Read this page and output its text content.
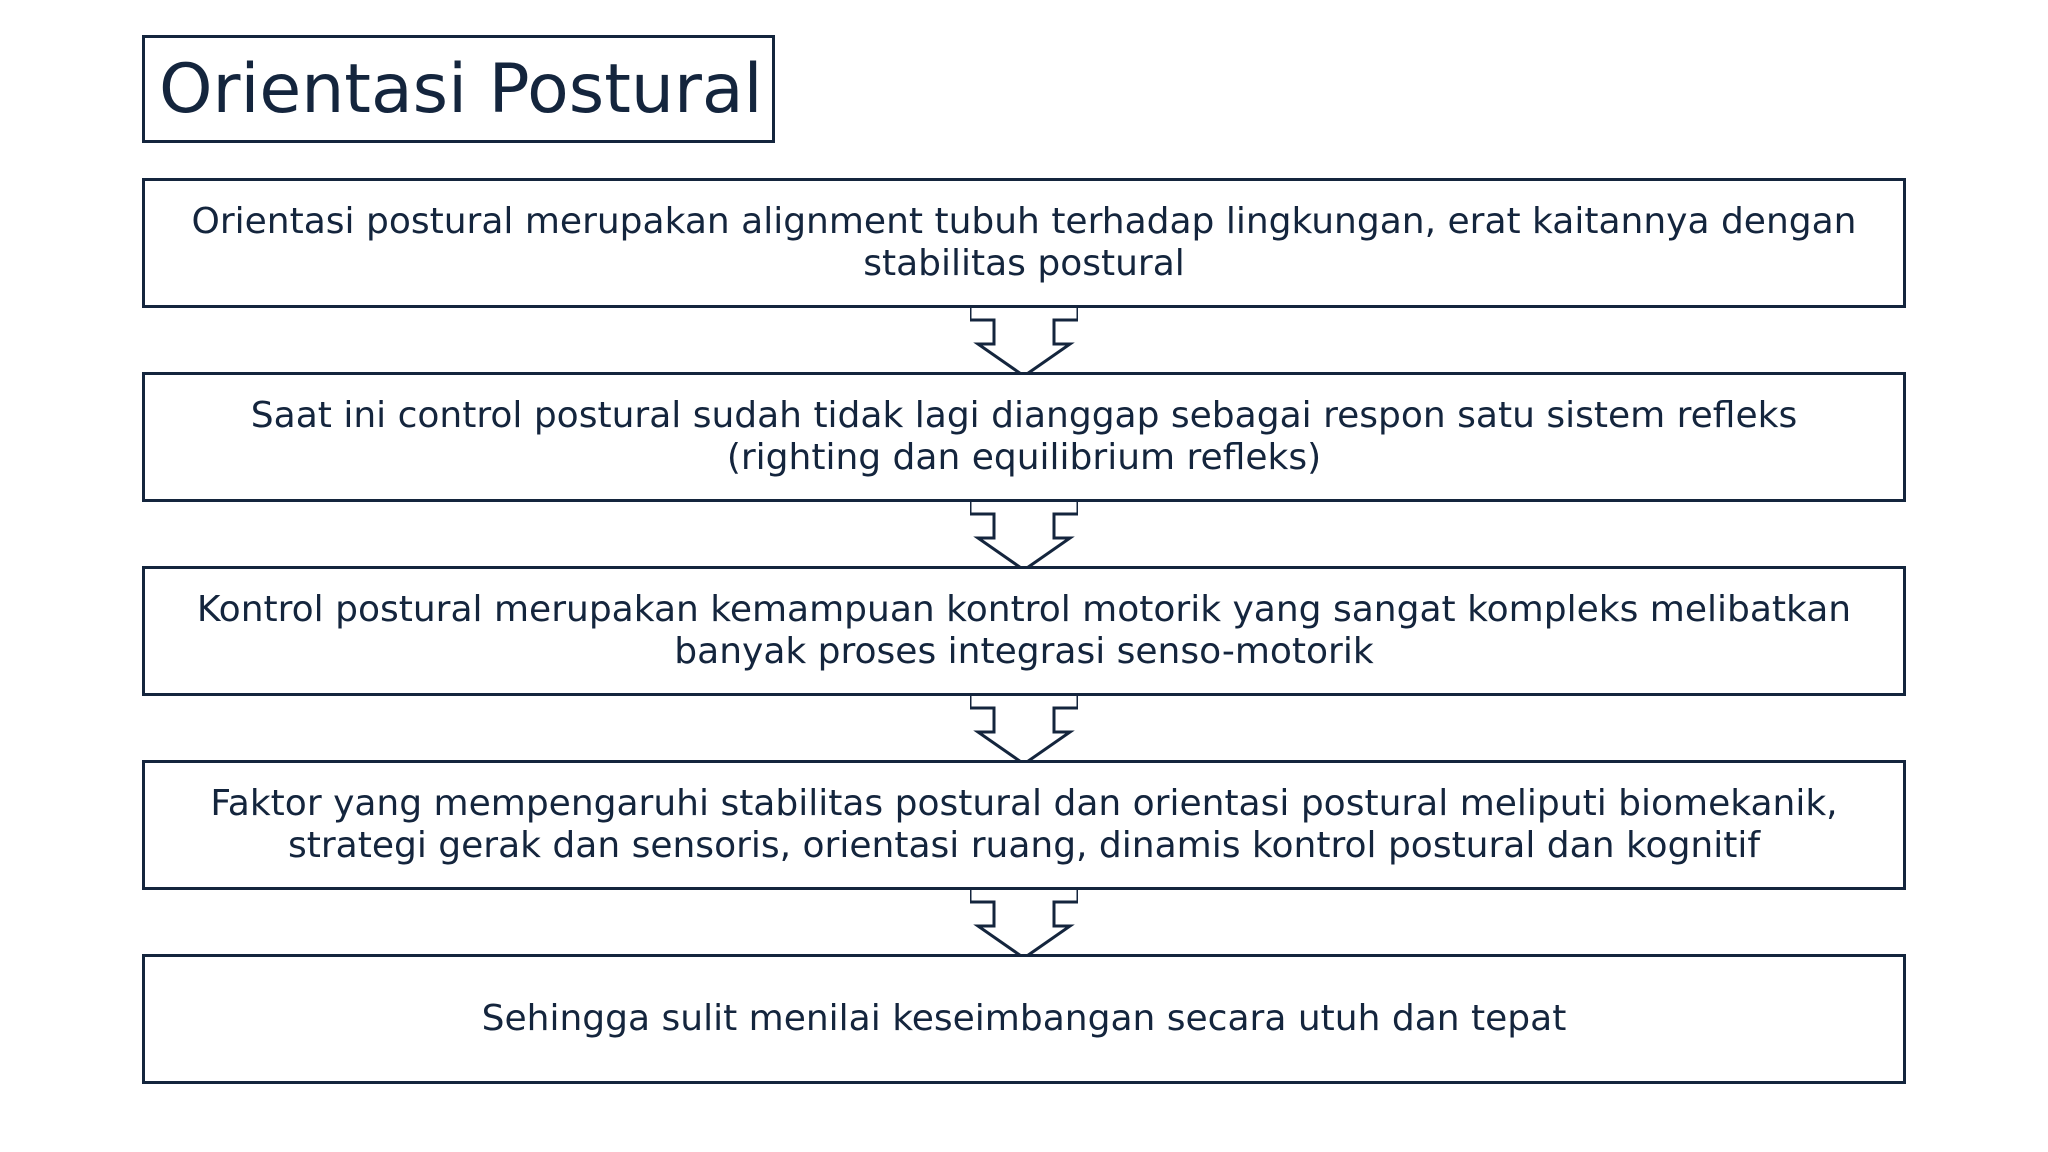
Orientasi Postural
Orientasi postural merupakan alignment tubuh terhadap lingkungan, erat kaitannya dengan
stabilitas postural
Saat ini control postural sudah tidak lagi dianggap sebagai respon satu sistem refleks
(righting dan equilibrium refleks)
Kontrol postural merupakan kemampuan kontrol motorik yang sangat kompleks melibatkan
banyak proses integrasi senso-motorik
Faktor yang mempengaruhi stabilitas postural dan orientasi postural meliputi biomekanik,
strategi gerak dan sensoris, orientasi ruang, dinamis kontrol postural dan kognitif
Sehingga sulit menilai keseimbangan secara utuh dan tepat
